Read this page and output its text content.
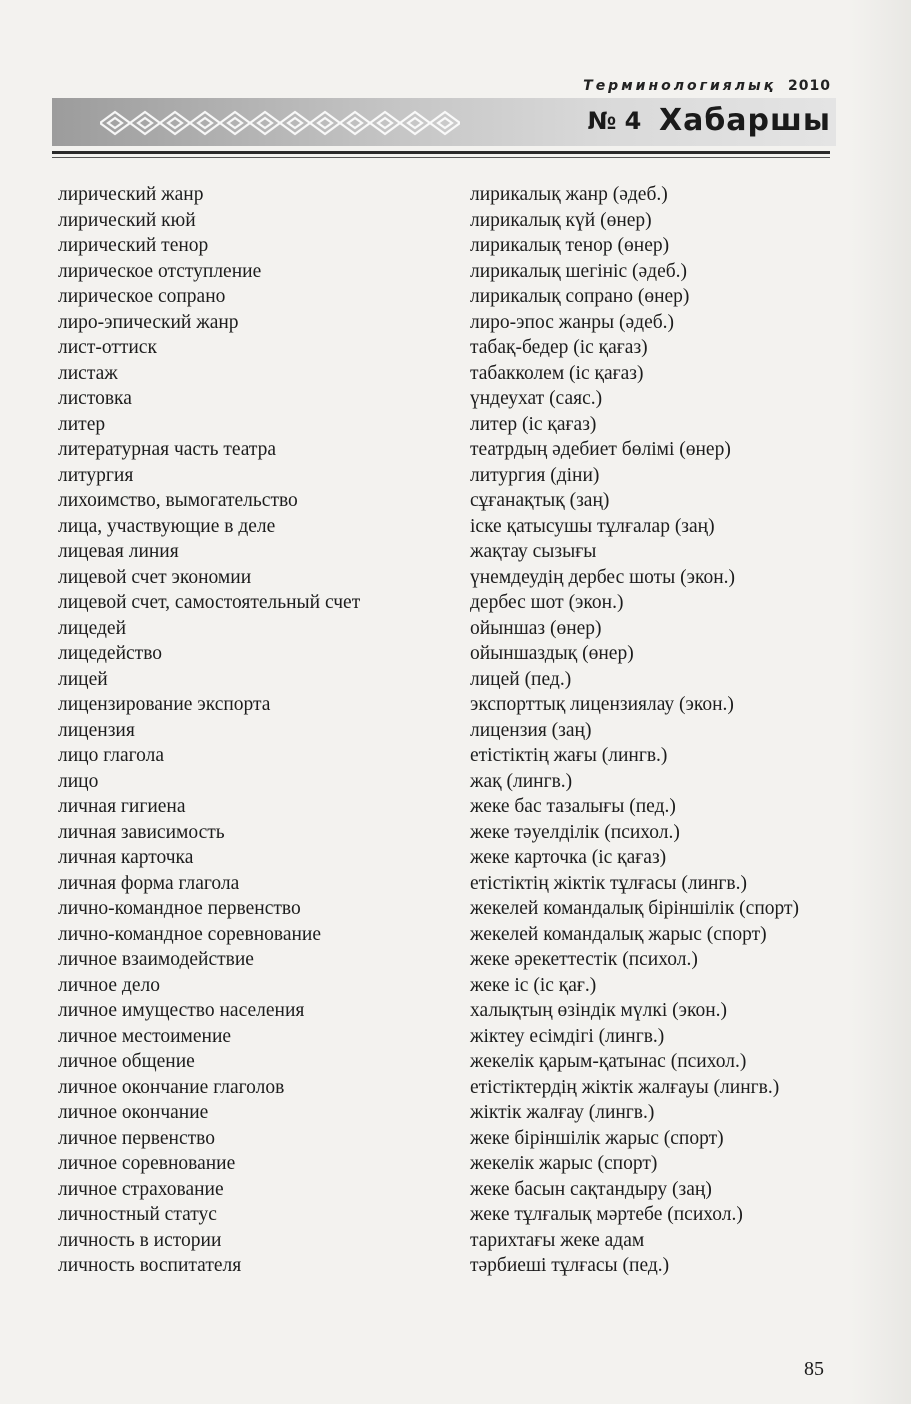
Терминологиялық 2010
№ 4 Хабаршы
лирический жанр	лирикалық жанр (әдеб.)
лирический кюй	лирикалық күй (өнер)
лирический тенор	лирикалық тенор (өнер)
лирическое отступление	лирикалық шегініс (әдеб.)
лирическое сопрано	лирикалық сопрано (өнер)
лиро-эпический жанр	лиро-эпос жанры (әдеб.)
лист-оттиск	табақ-бедер (іс қағаз)
листаж	табакколем (іс қағаз)
листовка	үндеухат (саяс.)
литер	литер (іс қағаз)
литературная часть театра	театрдың әдебиет бөлімі (өнер)
литургия	литургия (діни)
лихоимство, вымогательство	сұғанақтық (заң)
лица, участвующие в деле	іске қатысушы тұлғалар (заң)
лицевая линия	жақтау сызығы
лицевой счет экономии	үнемдеудің дербес шоты (экон.)
лицевой счет, самостоятельный счет	дербес шот (экон.)
лицедей	ойыншаз (өнер)
лицедейство	ойыншаздық (өнер)
лицей	лицей (пед.)
лицензирование экспорта	экспорттық лицензиялау (экон.)
лицензия	лицензия (заң)
лицо глагола	етістіктің жағы (лингв.)
лицо	жақ (лингв.)
личная гигиена	жеке бас тазалығы (пед.)
личная зависимость	жеке тәуелділік (психол.)
личная карточка	жеке карточка (іс қағаз)
личная форма глагола	етістіктің жіктік тұлғасы (лингв.)
лично-командное первенство	жекелей командалық біріншілік (спорт)
лично-командное соревнование	жекелей командалық жарыс (спорт)
личное взаимодействие	жеке әрекеттестік (психол.)
личное дело	жеке іс (іс қағ.)
личное имущество населения	халықтың өзіндік мүлкі (экон.)
личное местоимение	жіктеу есімдігі (лингв.)
личное общение	жекелік қарым-қатынас (психол.)
личное окончание глаголов	етістіктердің жіктік жалғауы (лингв.)
личное окончание	жіктік жалғау (лингв.)
личное первенство	жеке біріншілік жарыс (спорт)
личное соревнование	жекелік жарыс (спорт)
личное страхование	жеке басын сақтандыру (заң)
личностный статус	жеке тұлғалық мәртебе (психол.)
личность в истории	тарихтағы жеке адам
личность воспитателя	тәрбиеші тұлғасы (пед.)
85
